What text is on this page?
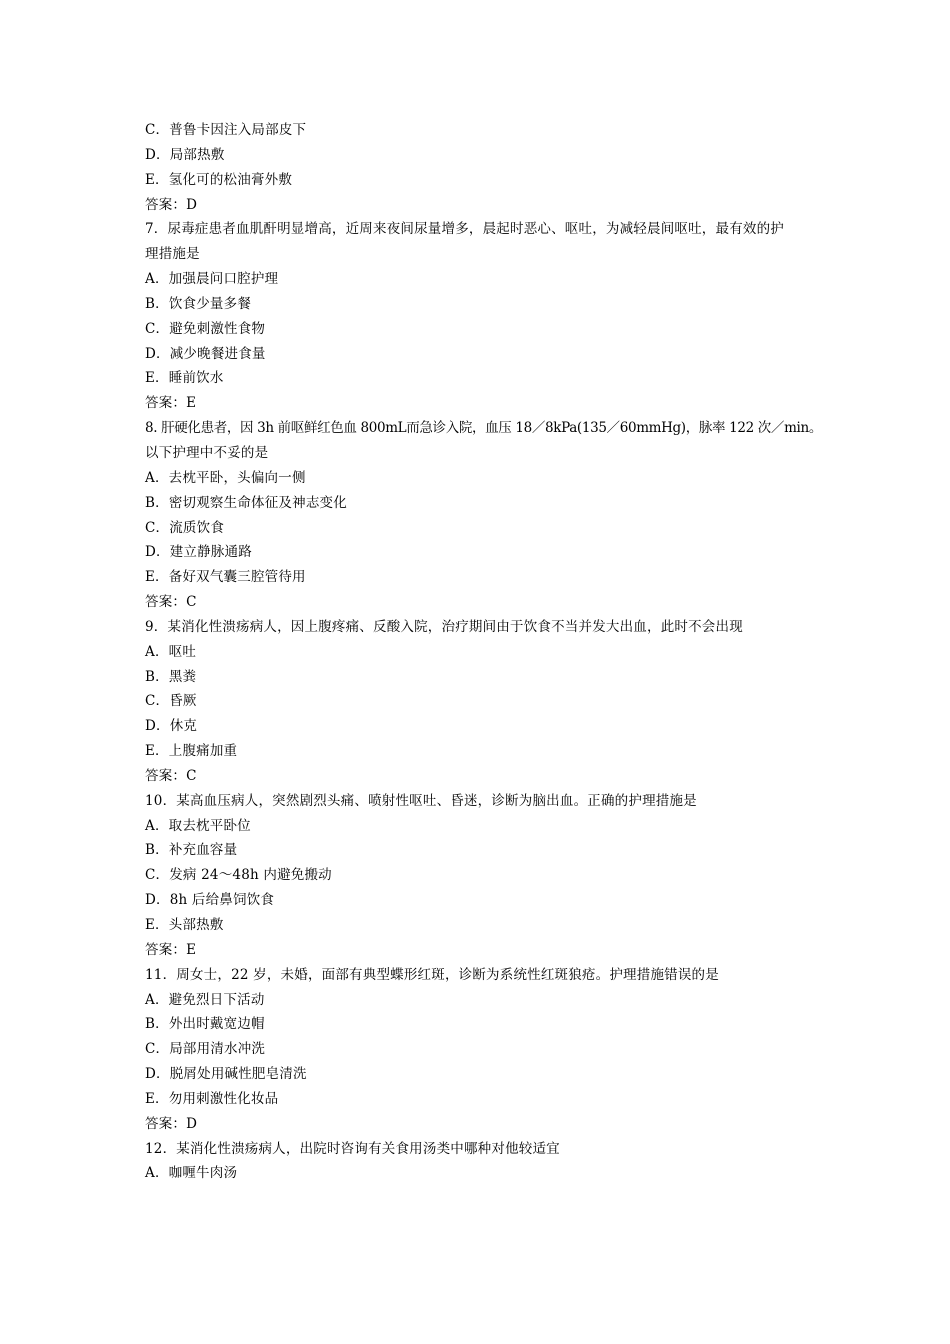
C．普鲁卡因注入局部皮下
D．局部热敷
E．氢化可的松油膏外敷
答案：D
7．尿毒症患者血肌酐明显增高，近周来夜间尿量增多，晨起时恶心、呕吐，为减轻晨间呕吐，最有效的护
理措施是
A．加强晨问口腔护理
B．饮食少量多餐
C．避免刺激性食物
D．减少晚餐进食量
E．睡前饮水
答案：E
8. 肝硬化患者，因 3h 前呕鲜红色血 800mL而急诊入院，血压 18／8kPa(135／60mmHg)，脉率 122 次／min。
以下护理中不妥的是
A．去枕平卧，头偏向一侧
B．密切观察生命体征及神志变化
C．流质饮食
D．建立静脉通路
E．备好双气囊三腔管待用
答案：C
9．某消化性溃疡病人，因上腹疼痛、反酸入院，治疗期间由于饮食不当并发大出血，此时不会出现
A．呕吐
B．黑粪
C．昏厥
D．休克
E．上腹痛加重
答案：C
10．某高血压病人，突然剧烈头痛、喷射性呕吐、昏迷，诊断为脑出血。正确的护理措施是
A．取去枕平卧位
B．补充血容量
C．发病 24～48h 内避免搬动
D．8h 后给鼻饲饮食
E．头部热敷
答案：E
11．周女士，22 岁，未婚，面部有典型蝶形红斑，诊断为系统性红斑狼疮。护理措施错误的是
A．避免烈日下活动
B．外出时戴宽边帽
C．局部用清水冲洗
D．脱屑处用碱性肥皂清洗
E．勿用刺激性化妆品
答案：D
12．某消化性溃疡病人，出院时咨询有关食用汤类中哪种对他较适宜
A．咖喱牛肉汤
